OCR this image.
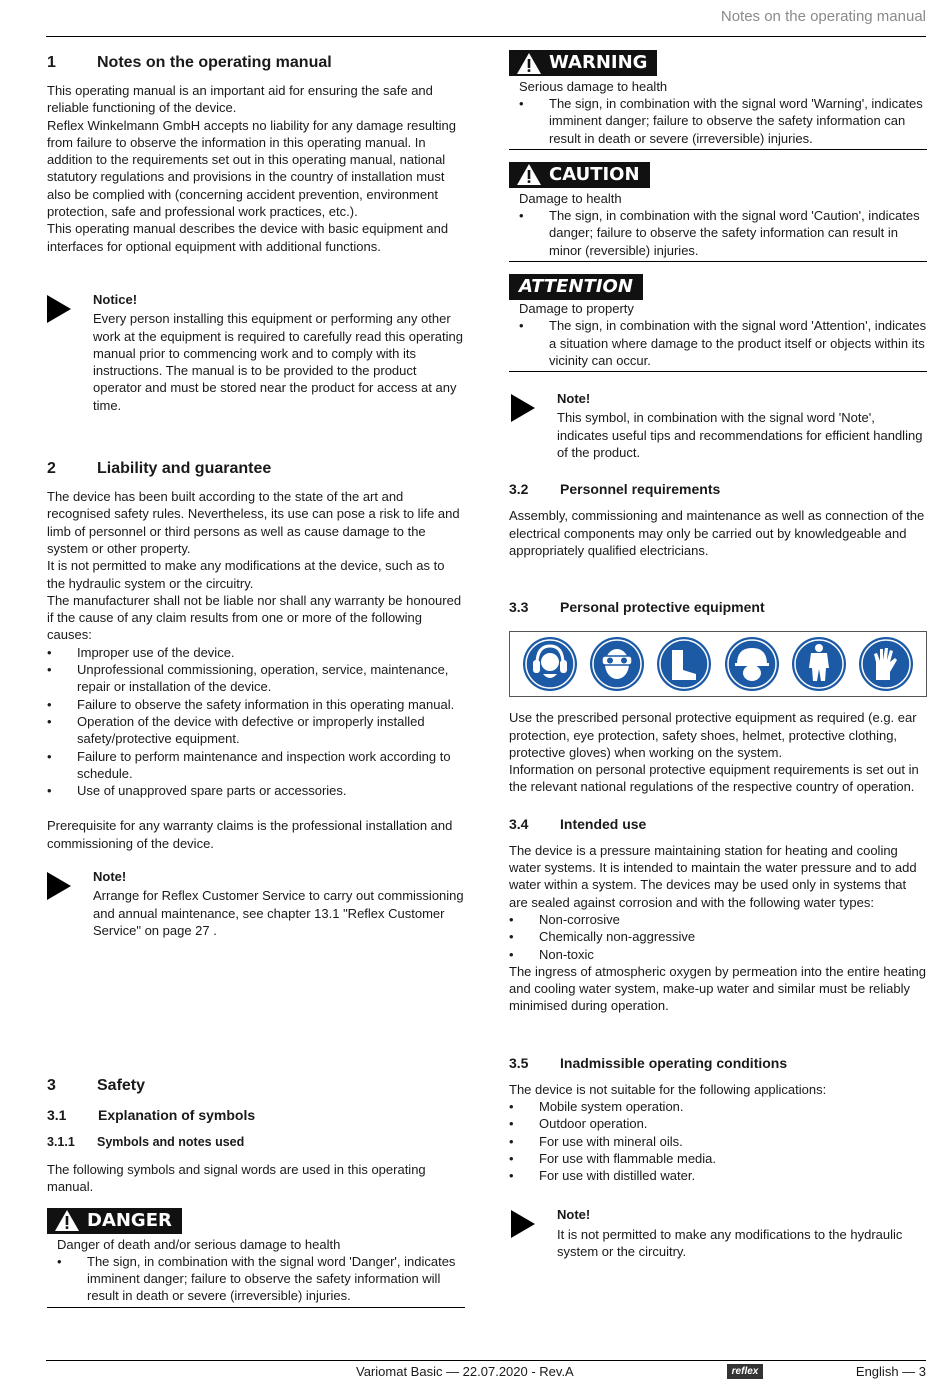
Notes on the operating manual
1	Notes on the operating manual

This operating manual is an important aid for ensuring the safe and reliable functioning of the device.

Reflex Winkelmann GmbH accepts no liability for any damage resulting from failure to observe the information in this operating manual. In addition to the requirements set out in this operating manual, national statutory regulations and provisions in the country of installation must also be complied with (concerning accident prevention, environment protection, safe and professional work practices, etc.).

This operating manual describes the device with basic equipment and interfaces for optional equipment with additional functions.

Notice!
Every person installing this equipment or performing any other work at the equipment is required to carefully read this operating manual prior to commencing work and to comply with its instructions. The manual is to be provided to the product operator and must be stored near the product for access at any time.
2	Liability and guarantee

The device has been built according to the state of the art and recognised safety rules. Nevertheless, its use can pose a risk to life and limb of personnel or third persons as well as cause damage to the system or other property.

It is not permitted to make any modifications at the device, such as to the hydraulic system or the circuitry.

The manufacturer shall not be liable nor shall any warranty be honoured if the cause of any claim results from one or more of the following causes:

• Improper use of the device.
• Unprofessional commissioning, operation, service, maintenance, repair or installation of the device.
• Failure to observe the safety information in this operating manual.
• Operation of the device with defective or improperly installed safety/protective equipment.
• Failure to perform maintenance and inspection work according to schedule.
• Use of unapproved spare parts or accessories.

Prerequisite for any warranty claims is the professional installation and commissioning of the device.

Note!
Arrange for Reflex Customer Service to carry out commissioning and annual maintenance, see chapter 13.1 "Reflex Customer Service" on page 27 .
3	Safety
3.1	Explanation of symbols
3.1.1	Symbols and notes used

The following symbols and signal words are used in this operating manual.

DANGER
Danger of death and/or serious damage to health
• The sign, in combination with the signal word 'Danger', indicates imminent danger; failure to observe the safety information will result in death or severe (irreversible) injuries.
WARNING
Serious damage to health
• The sign, in combination with the signal word 'Warning', indicates imminent danger; failure to observe the safety information can result in death or severe (irreversible) injuries.
CAUTION
Damage to health
• The sign, in combination with the signal word 'Caution', indicates danger; failure to observe the safety information can result in minor (reversible) injuries.
ATTENTION
Damage to property
• The sign, in combination with the signal word 'Attention', indicates a situation where damage to the product itself or objects within its vicinity can occur.
Note!
This symbol, in combination with the signal word 'Note', indicates useful tips and recommendations for efficient handling of the product.
3.2	Personnel requirements

Assembly, commissioning and maintenance as well as connection of the electrical components may only be carried out by knowledgeable and appropriately qualified electricians.

3.3	Personal protective equipment

Use the prescribed personal protective equipment as required (e.g. ear protection, eye protection, safety shoes, helmet, protective clothing, protective gloves) when working on the system.

Information on personal protective equipment requirements is set out in the relevant national regulations of the respective country of operation.

3.4	Intended use

The device is a pressure maintaining station for heating and cooling water systems. It is intended to maintain the water pressure and to add water within a system. The devices may be used only in systems that are sealed against corrosion and with the following water types:

• Non-corrosive
• Chemically non-aggressive
• Non-toxic

The ingress of atmospheric oxygen by permeation into the entire heating and cooling water system, make-up water and similar must be reliably minimised during operation.

3.5	Inadmissible operating conditions

The device is not suitable for the following applications:

• Mobile system operation.
• Outdoor operation.
• For use with mineral oils.
• For use with flammable media.
• For use with distilled water.
Note!
It is not permitted to make any modifications to the hydraulic system or the circuitry.
Variomat Basic — 22.07.2020 - Rev.A	reflex	English — 3
